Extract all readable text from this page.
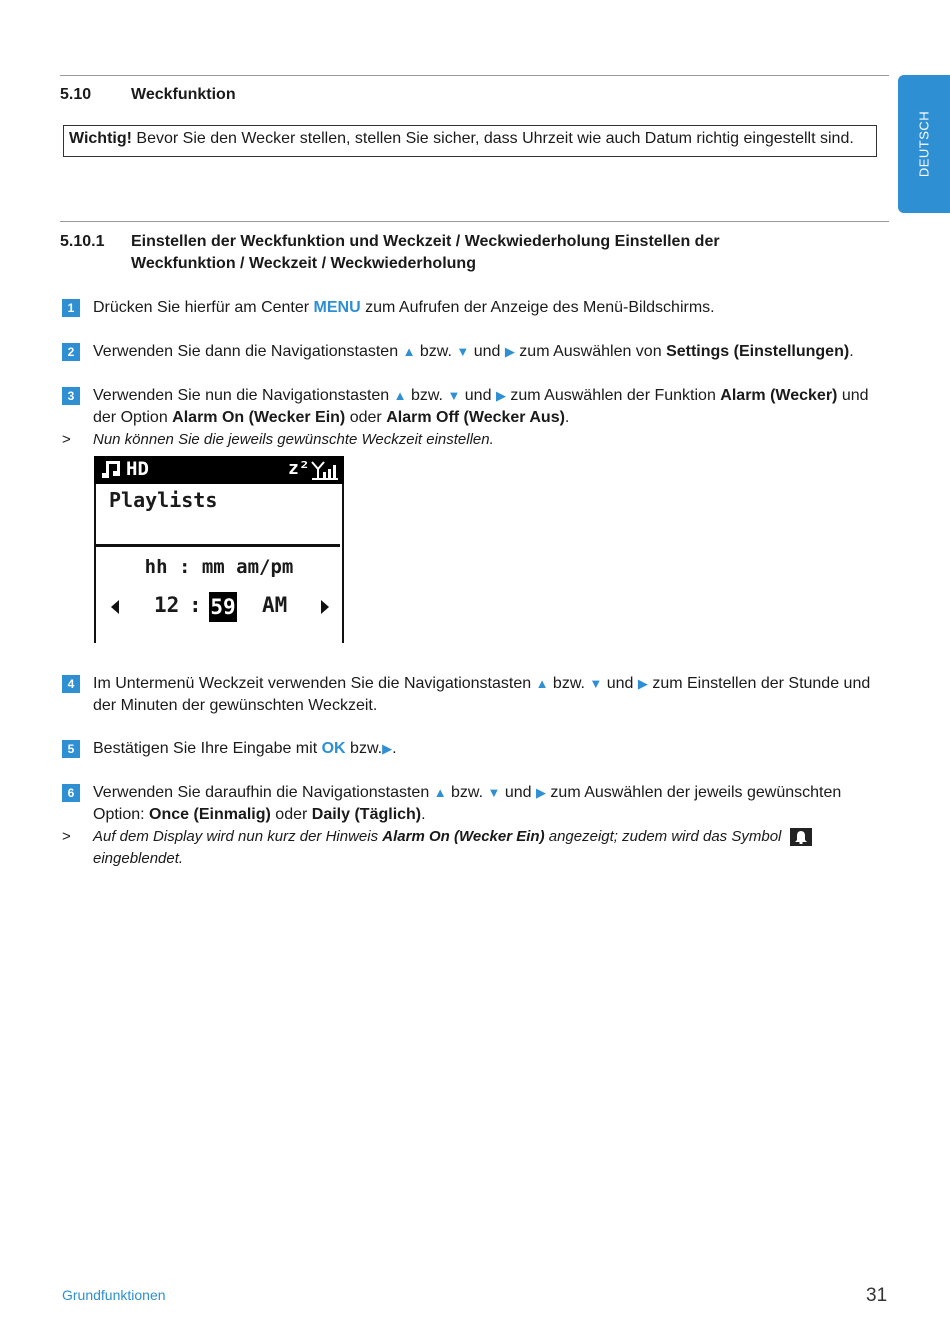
DEUTSCH
5.10 Weckfunktion
Wichtig! Bevor Sie den Wecker stellen, stellen Sie sicher, dass Uhrzeit wie auch Datum richtig eingestellt sind.
5.10.1 Einstellen der Weckfunktion und Weckzeit / Weckwiederholung Einstellen der Weckfunktion / Weckzeit / Weckwiederholung
1	Drücken Sie hierfür am Center MENU zum Aufrufen der Anzeige des Menü-Bildschirms.
2	Verwenden Sie dann die Navigationstasten ▲ bzw. ▼ und ▶ zum Auswählen von Settings (Einstellungen).
3	Verwenden Sie nun die Navigationstasten ▲ bzw. ▼ und ▶ zum Auswählen der Funktion Alarm (Wecker) und der Option Alarm On (Wecker Ein) oder Alarm Off (Wecker Aus).
> Nun können Sie die jeweils gewünschte Weckzeit einstellen.
HD	z²
Playlists
hh : mm am/pm
12 : 59 AM
4	Im Untermenü Weckzeit verwenden Sie die Navigationstasten ▲ bzw. ▼ und ▶ zum Einstellen der Stunde und der Minuten der gewünschten Weckzeit.
5	Bestätigen Sie Ihre Eingabe mit OK bzw.▶.
6	Verwenden Sie daraufhin die Navigationstasten ▲ bzw. ▼ und ▶ zum Auswählen der jeweils gewünschten Option: Once (Einmalig) oder Daily (Täglich).
> Auf dem Display wird nun kurz der Hinweis Alarm On (Wecker Ein) angezeigt; zudem wird das Symbol
eingeblendet.
Grundfunktionen	31
